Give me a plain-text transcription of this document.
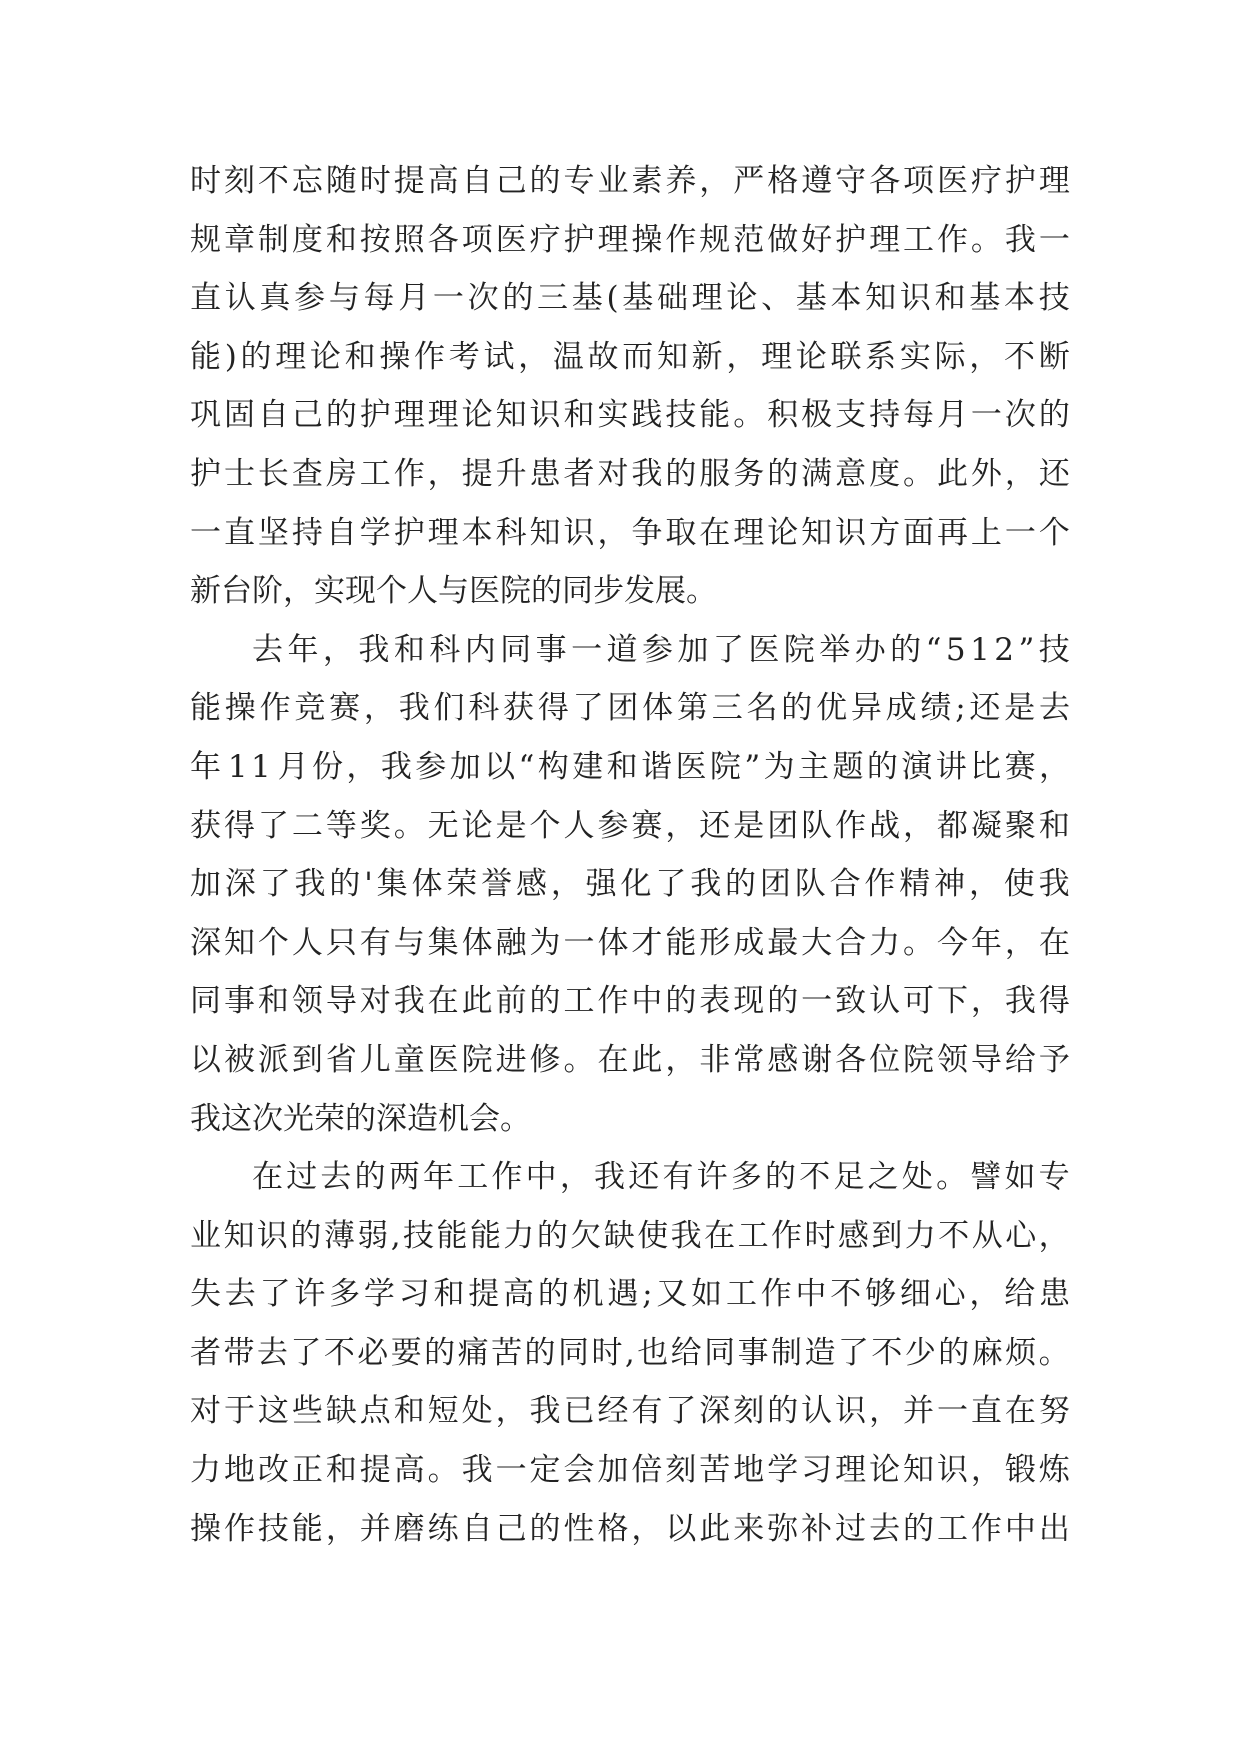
时 刻 不 忘 随 时 提 高 自 己 的 专 业 素 养 ， 严 格 遵 守 各 项 医 疗 护 理
规 章 制 度 和 按 照 各 项 医 疗 护 理 操 作 规 范 做 好 护 理 工 作 。 我 一
直 认 真 参 与 每 月 一 次 的 三 基 ( 基 础 理 论 、 基 本 知 识 和 基 本 技
能 ) 的 理 论 和 操 作 考 试 ， 温 故 而 知 新 ， 理 论 联 系 实 际 ， 不 断
巩 固 自 己 的 护 理 理 论 知 识 和 实 践 技 能 。 积 极 支 持 每 月 一 次 的
护 士 长 查 房 工 作 ， 提 升 患 者 对 我 的 服 务 的 满 意 度 。 此 外 ， 还
一 直 坚 持 自 学 护 理 本 科 知 识 ， 争 取 在 理 论 知 识 方 面 再 上 一 个
新台阶，实现个人与医院的同步发展。
去 年 ， 我 和 科 内 同 事 一 道 参 加 了 医 院 举 办 的 “ 5 1 2 ” 技
能 操 作 竞 赛 ， 我 们 科 获 得 了 团 体 第 三 名 的 优 异 成 绩 ; 还 是 去
年 1 1 月 份 ， 我 参 加 以 “ 构 建 和 谐 医 院 ” 为 主 题 的 演 讲 比 赛 ，
获 得 了 二 等 奖 。 无 论 是 个 人 参 赛 ， 还 是 团 队 作 战 ， 都 凝 聚 和
加 深 了 我 的 ' 集 体 荣 誉 感 ， 强 化 了 我 的 团 队 合 作 精 神 ， 使 我
深 知 个 人 只 有 与 集 体 融 为 一 体 才 能 形 成 最 大 合 力 。 今 年 ， 在
同 事 和 领 导 对 我 在 此 前 的 工 作 中 的 表 现 的 一 致 认 可 下 ， 我 得
以 被 派 到 省 儿 童 医 院 进 修 。 在 此 ， 非 常 感 谢 各 位 院 领 导 给 予
我这次光荣的深造机会。
在 过 去 的 两 年 工 作 中 ， 我 还 有 许 多 的 不 足 之 处 。 譬 如 专
业 知 识 的 薄 弱 , 技 能 能 力 的 欠 缺 使 我 在 工 作 时 感 到 力 不 从 心 ，
失 去 了 许 多 学 习 和 提 高 的 机 遇 ; 又 如 工 作 中 不 够 细 心 ， 给 患
者 带 去 了 不 必 要 的 痛 苦 的 同 时 , 也 给 同 事 制 造 了 不 少 的 麻 烦 。
对 于 这 些 缺 点 和 短 处 ， 我 已 经 有 了 深 刻 的 认 识 ， 并 一 直 在 努
力 地 改 正 和 提 高 。 我 一 定 会 加 倍 刻 苦 地 学 习 理 论 知 识 ， 锻 炼
操 作 技 能 ， 并 磨 练 自 己 的 性 格 ， 以 此 来 弥 补 过 去 的 工 作 中 出
